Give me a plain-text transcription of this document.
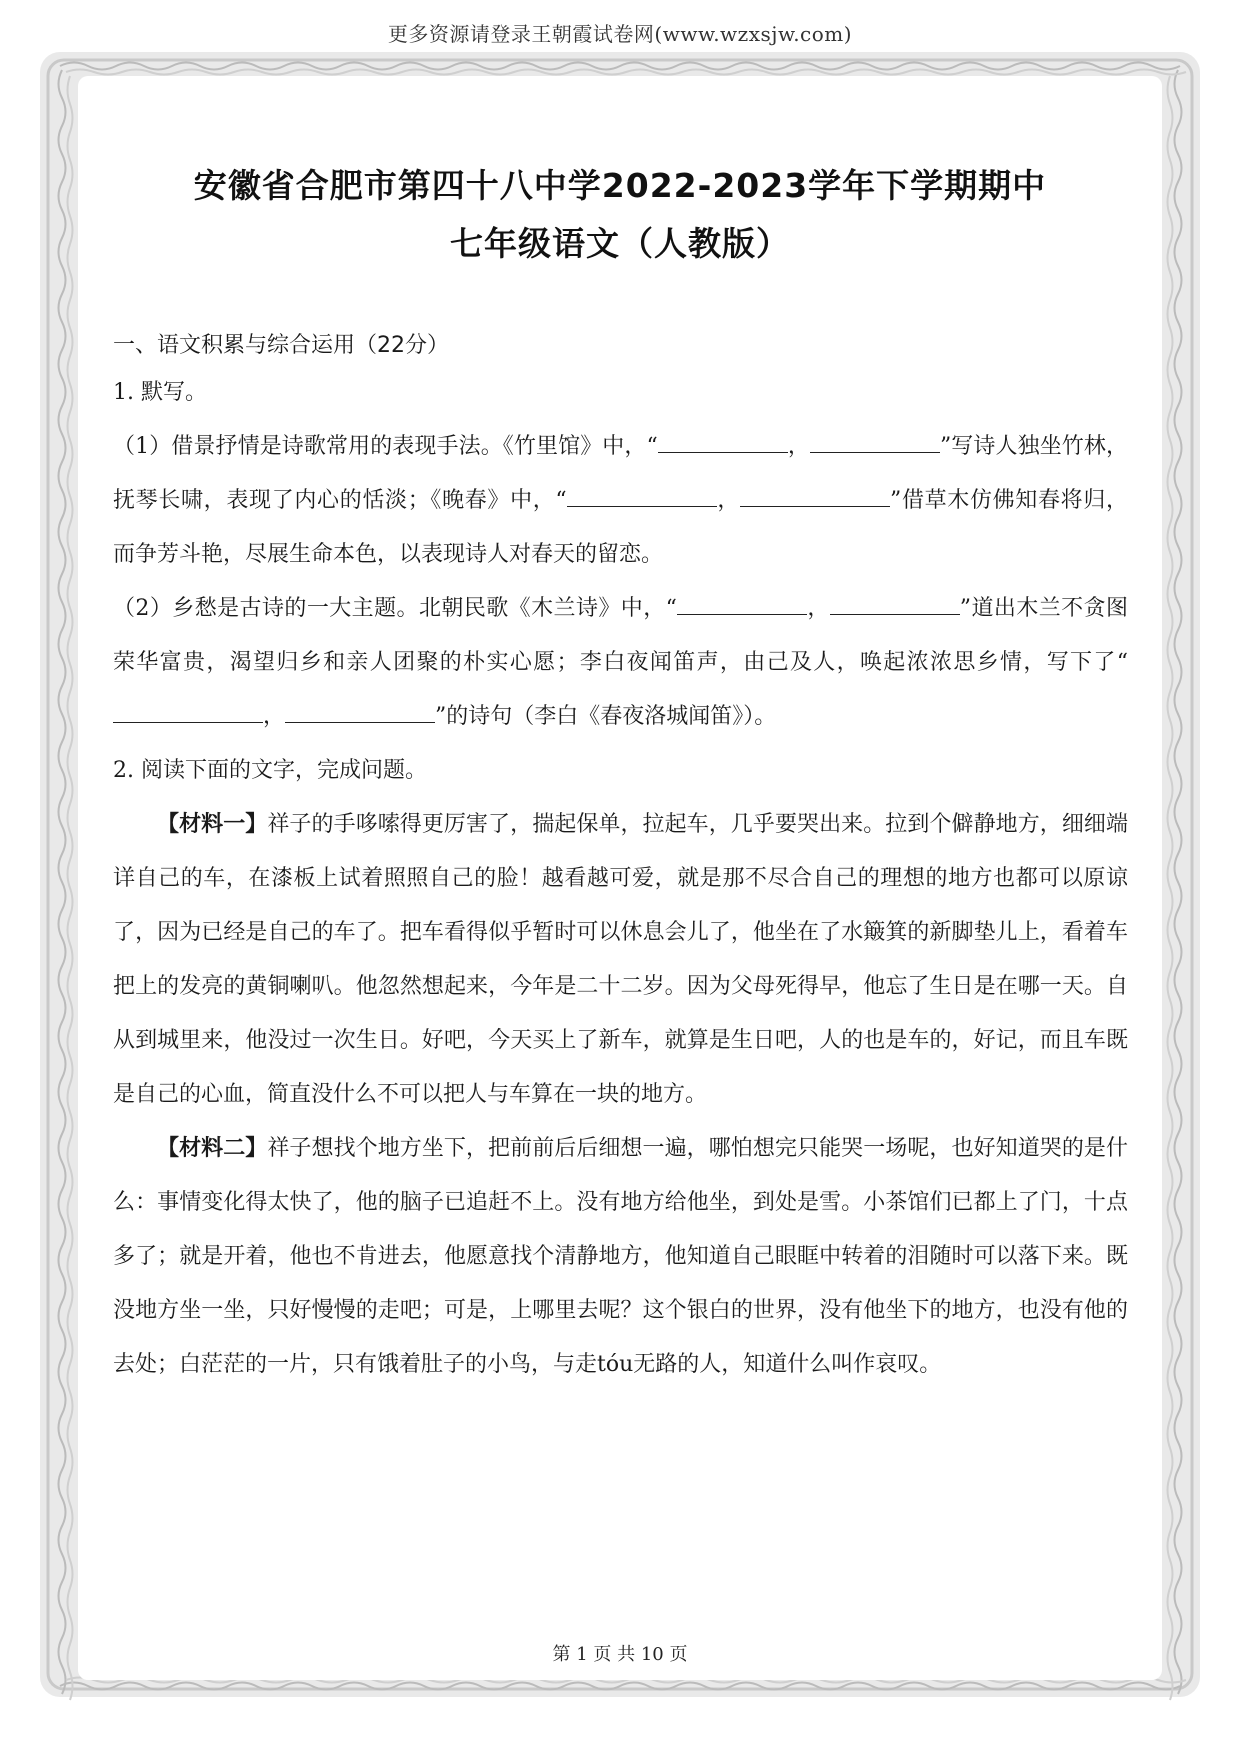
更多资源请登录王朝霞试卷网(www.wzxsjw.com)
安徽省合肥市第四十八中学2022-2023学年下学期期中
七年级语文（人教版）

一、语文积累与综合运用（22分）

1. 默写。

（1）借景抒情是诗歌常用的表现手法。《竹里馆》中，“	，	”写诗人独坐竹林，抚琴长啸，表现了内心的恬淡；《晚春》中，“	，	”借草木仿佛知春将归，而争芳斗艳，尽展生命本色，以表现诗人对春天的留恋。

（2）乡愁是古诗的一大主题。北朝民歌《木兰诗》中，“	，	”道出木兰不贪图荣华富贵，渴望归乡和亲人团聚的朴实心愿；李白夜闻笛声，由己及人，唤起浓浓思乡情，写下了“，	”的诗句（李白《春夜洛城闻笛》）。

2. 阅读下面的文字，完成问题。

【材料一】祥子的手哆嗦得更厉害了，揣起保单，拉起车，几乎要哭出来。拉到个僻静地方，细细端详自己的车，在漆板上试着照照自己的脸！越看越可爱，就是那不尽合自己的理想的地方也都可以原谅了，因为已经是自己的车了。把车看得似乎暂时可以休息会儿了，他坐在了水簸箕的新脚垫儿上，看着车把上的发亮的黄铜喇叭。他忽然想起来，今年是二十二岁。因为父母死得早，他忘了生日是在哪一天。自从到城里来，他没过一次生日。好吧，今天买上了新车，就算是生日吧，人的也是车的，好记，而且车既是自己的心血，简直没什么不可以把人与车算在一块的地方。

【材料二】祥子想找个地方坐下，把前前后后细想一遍，哪怕想完只能哭一场呢，也好知道哭的是什么：事情变化得太快了，他的脑子已追赶不上。没有地方给他坐，到处是雪。小茶馆们已都上了门，十点多了；就是开着，他也不肯进去，他愿意找个清静地方，他知道自己眼眶中转着的泪随时可以落下来。既没地方坐一坐，只好慢慢的走吧；可是，上哪里去呢？这个银白的世界，没有他坐下的地方，也没有他的去处；白茫茫的一片，只有饿着肚子的小鸟，与走tóu无路的人，知道什么叫作哀叹。

第 1 页 共 10 页
